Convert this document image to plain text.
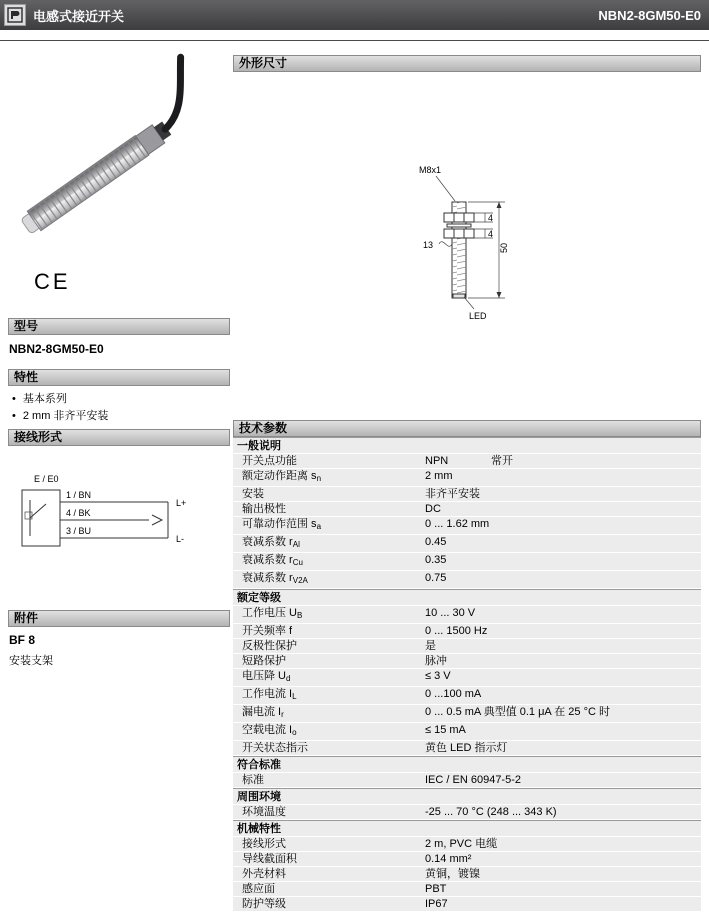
电感式接近开关	NBN2-8GM50-E0
CE
型号
NBN2-8GM50-E0
特性
• 基本系列
• 2 mm 非齐平安装
接线形式
E / E0
1 / BN
4 / BK
3 / BU
L+
L-
附件
BF 8
安装支架
外形尺寸
M8x1
4
4
50
13
LED
技术参数
一般说明
开关点功能	NPN              常开
额定动作距离 sn	2 mm
安装	非齐平安装
输出极性	DC
可靠动作范围 sa	0 ... 1.62 mm
衰减系数 rAl	0.45
衰减系数 rCu	0.35
衰减系数 rV2A	0.75
额定等级
工作电压 UB	10 ... 30 V
开关频率 f	0 ... 1500 Hz
反极性保护	是
短路保护	脉冲
电压降 Ud	≤ 3 V
工作电流 IL	0 ...100 mA
漏电流 Ir	0 ... 0.5 mA 典型值 0.1 μA 在 25 °C 时
空载电流 Io	≤ 15 mA
开关状态指示	黄色 LED 指示灯
符合标准
标准	IEC / EN 60947-5-2
周围环境
环境温度	-25 ... 70 °C (248 ... 343 K)
机械特性
接线形式	2 m, PVC 电缆
导线截面积	0.14 mm²
外壳材料	黄铜，镀镍
感应面	PBT
防护等级	IP67
